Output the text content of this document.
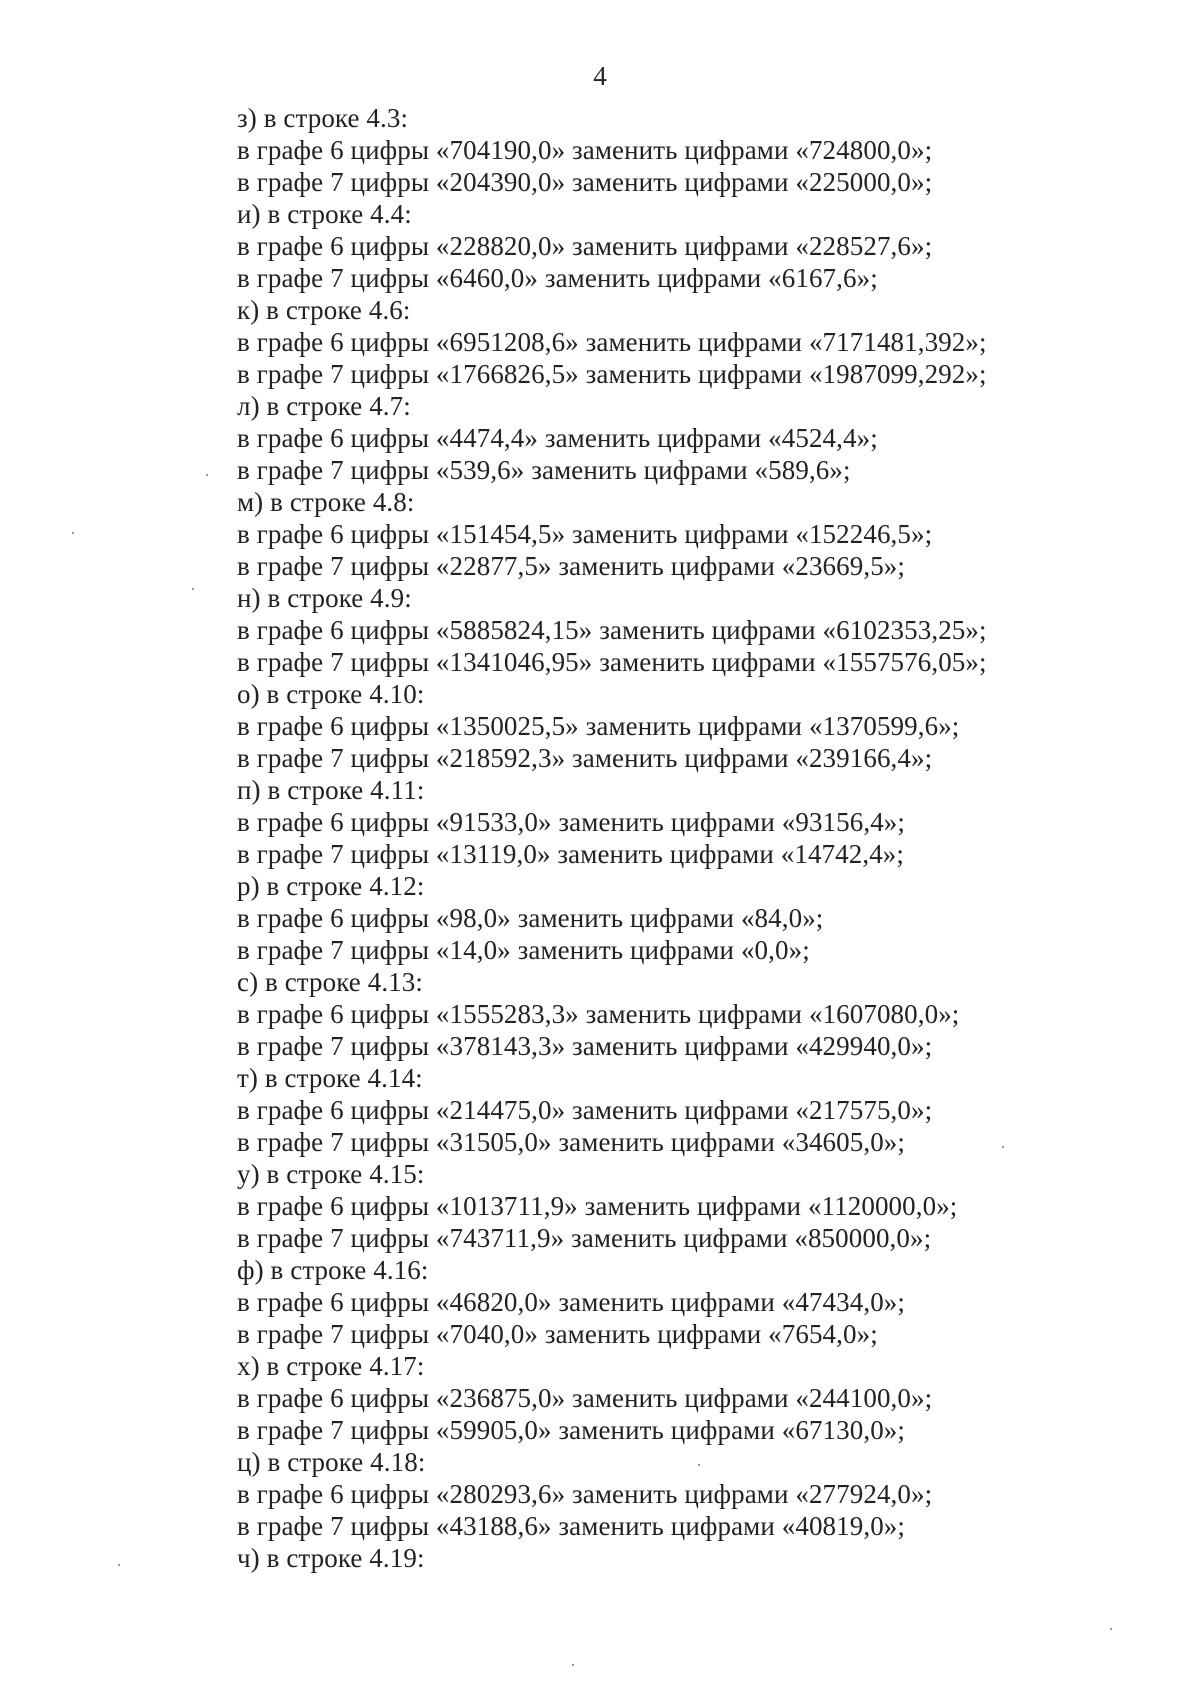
4
з) в строке 4.3:
в графе 6 цифры «704190,0» заменить цифрами «724800,0»;
в графе 7 цифры «204390,0» заменить цифрами «225000,0»;
и) в строке 4.4:
в графе 6 цифры «228820,0» заменить цифрами «228527,6»;
в графе 7 цифры «6460,0» заменить цифрами «6167,6»;
к) в строке 4.6:
в графе 6 цифры «6951208,6» заменить цифрами «7171481,392»;
в графе 7 цифры «1766826,5» заменить цифрами «1987099,292»;
л) в строке 4.7:
в графе 6 цифры «4474,4» заменить цифрами «4524,4»;
в графе 7 цифры «539,6» заменить цифрами «589,6»;
м) в строке 4.8:
в графе 6 цифры «151454,5» заменить цифрами «152246,5»;
в графе 7 цифры «22877,5» заменить цифрами «23669,5»;
н) в строке 4.9:
в графе 6 цифры «5885824,15» заменить цифрами «6102353,25»;
в графе 7 цифры «1341046,95» заменить цифрами «1557576,05»;
о) в строке 4.10:
в графе 6 цифры «1350025,5» заменить цифрами «1370599,6»;
в графе 7 цифры «218592,3» заменить цифрами «239166,4»;
п) в строке 4.11:
в графе 6 цифры «91533,0» заменить цифрами «93156,4»;
в графе 7 цифры «13119,0» заменить цифрами «14742,4»;
р) в строке 4.12:
в графе 6 цифры «98,0» заменить цифрами «84,0»;
в графе 7 цифры «14,0» заменить цифрами «0,0»;
с) в строке 4.13:
в графе 6 цифры «1555283,3» заменить цифрами «1607080,0»;
в графе 7 цифры «378143,3» заменить цифрами «429940,0»;
т) в строке 4.14:
в графе 6 цифры «214475,0» заменить цифрами «217575,0»;
в графе 7 цифры «31505,0» заменить цифрами «34605,0»;
у) в строке 4.15:
в графе 6 цифры «1013711,9» заменить цифрами «1120000,0»;
в графе 7 цифры «743711,9» заменить цифрами «850000,0»;
ф) в строке 4.16:
в графе 6 цифры «46820,0» заменить цифрами «47434,0»;
в графе 7 цифры «7040,0» заменить цифрами «7654,0»;
х) в строке 4.17:
в графе 6 цифры «236875,0» заменить цифрами «244100,0»;
в графе 7 цифры «59905,0» заменить цифрами «67130,0»;
ц) в строке 4.18:
в графе 6 цифры «280293,6» заменить цифрами «277924,0»;
в графе 7 цифры «43188,6» заменить цифрами «40819,0»;
ч) в строке 4.19:
